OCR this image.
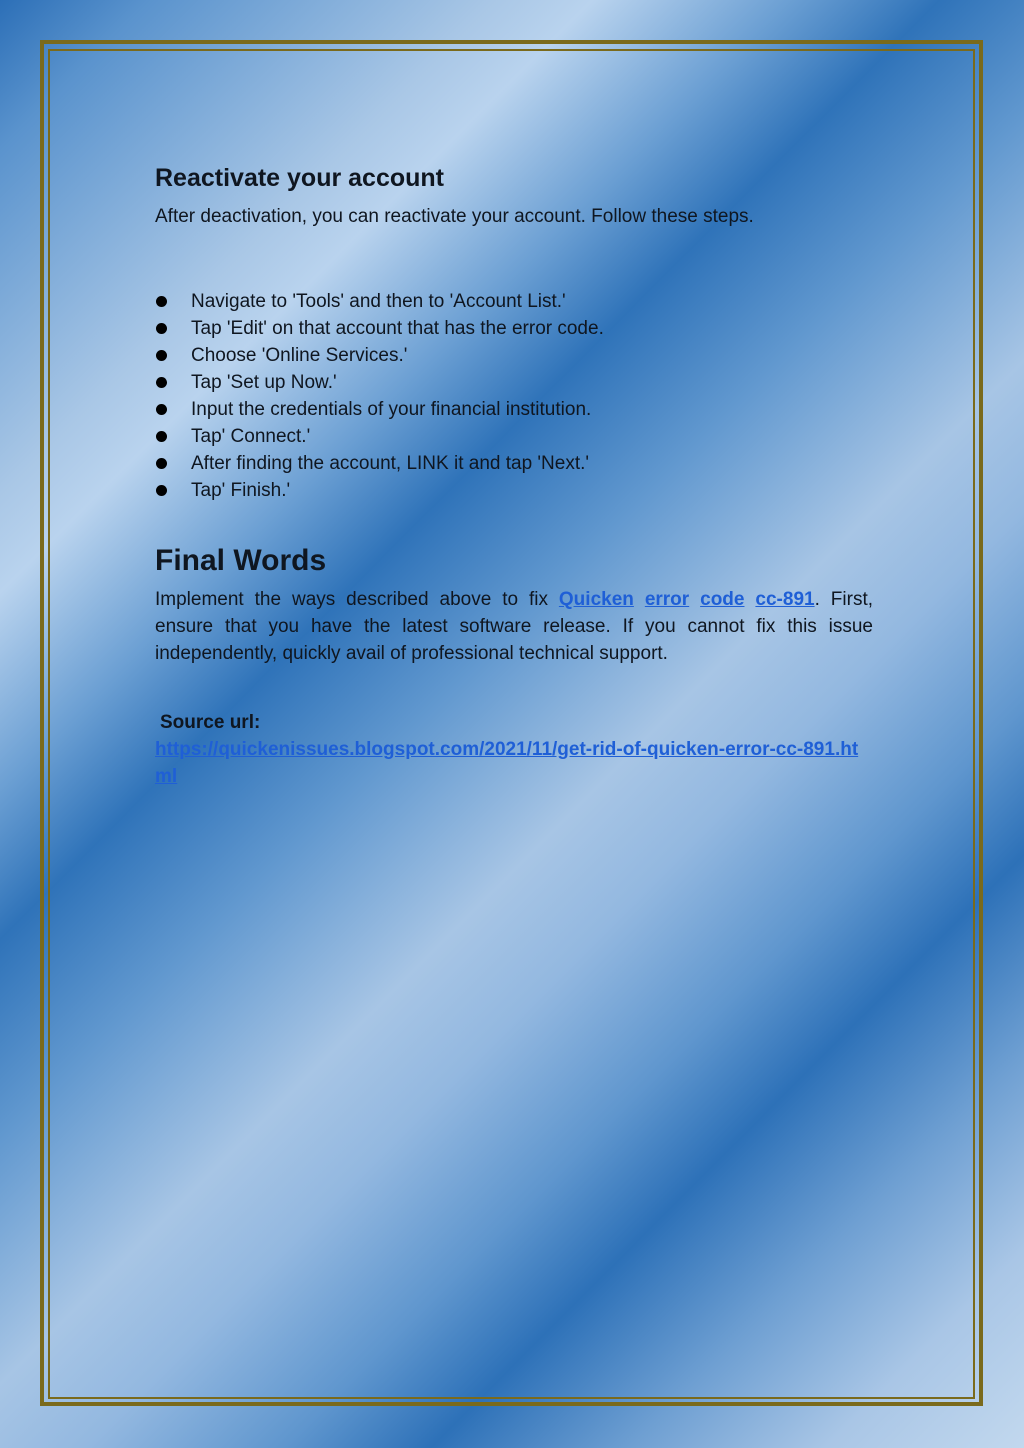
Reactivate your account

After deactivation, you can reactivate your account. Follow these steps.

Navigate to 'Tools' and then to 'Account List.'
Tap 'Edit' on that account that has the error code.
Choose 'Online Services.'
Tap 'Set up Now.'
Input the credentials of your financial institution.
Tap' Connect.'
After finding the account, LINK it and tap 'Next.'
Tap' Finish.'
Final Words

Implement the ways described above to fix Quicken error code cc-891. First, ensure that you have the latest software release. If you cannot fix this issue independently, quickly avail of professional technical support.

Source url:
https://quickenissues.blogspot.com/2021/11/get-rid-of-quicken-error-cc-891.html
